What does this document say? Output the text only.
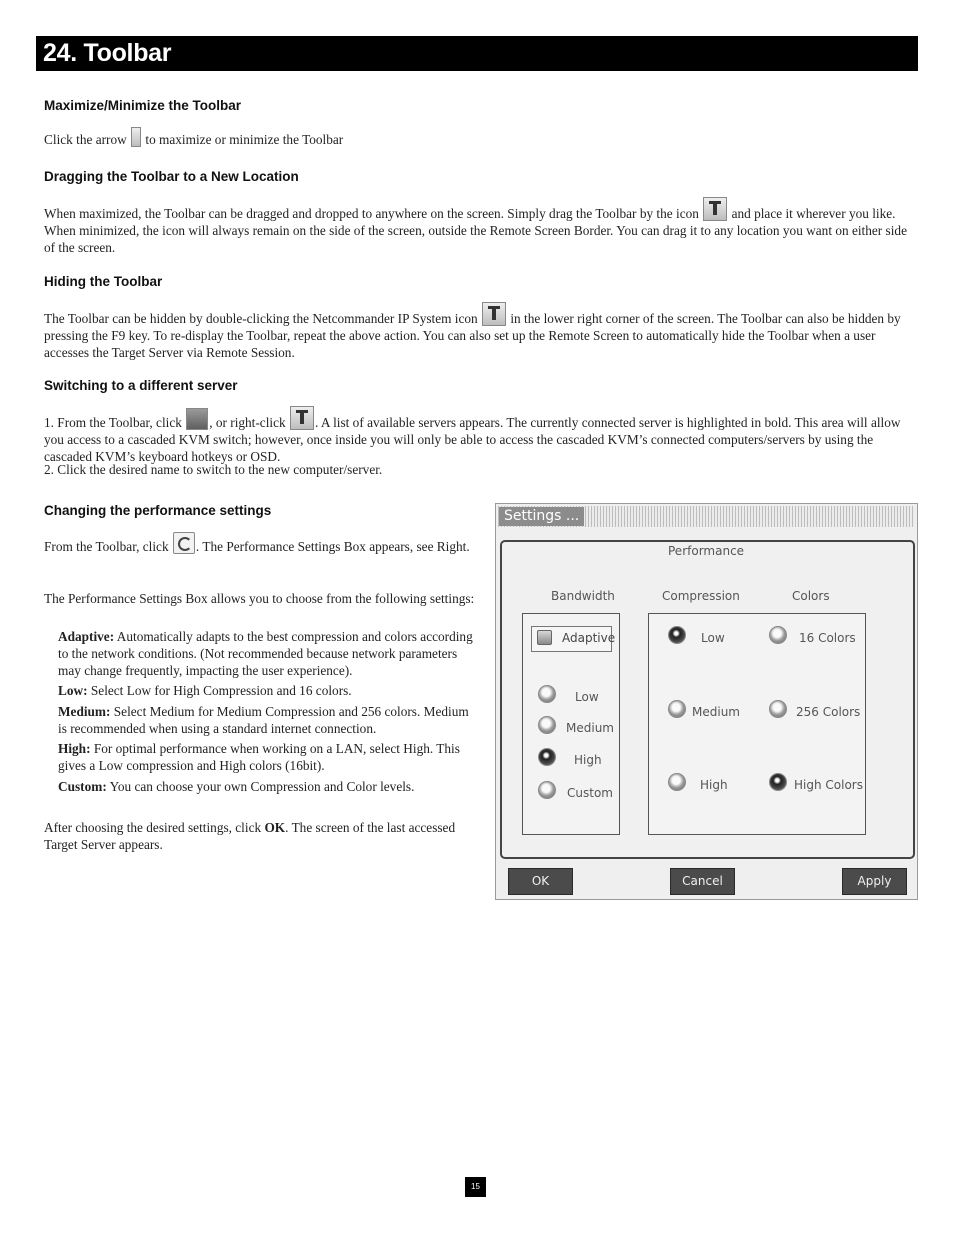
24. Toolbar
Maximize/Minimize the Toolbar
Click the arrow to maximize or minimize the Toolbar
Dragging the Toolbar to a New Location
When maximized, the Toolbar can be dragged and dropped to anywhere on the screen. Simply drag the Toolbar by the icon and place it wherever you like. When minimized, the icon will always remain on the side of the screen, outside the Remote Screen Border. You can drag it to any location you want on either side of the screen.
Hiding the Toolbar
The Toolbar can be hidden by double-clicking the Netcommander IP System icon in the lower right corner of the screen. The Toolbar can also be hidden by pressing the F9 key. To re-display the Toolbar, repeat the above action. You can also set up the Remote Screen to automatically hide the Toolbar when a user accesses the Target Server via Remote Session.
Switching to a different server
1. From the Toolbar, click , or right-click . A list of available servers appears. The currently connected server is highlighted in bold. This area will allow you access to a cascaded KVM switch; however, once inside you will only be able to access the cascaded KVM’s connected computers/servers by using the cascaded KVM’s keyboard hotkeys or OSD.
2. Click the desired name to switch to the new computer/server.
Changing the performance settings
From the Toolbar, click . The Performance Settings Box appears, see Right.
The Performance Settings Box allows you to choose from the following settings:
Adaptive: Automatically adapts to the best compression and colors according to the network conditions. (Not recommended because network parameters may change frequently, impacting the user experience).
Low: Select Low for High Compression and 16 colors.
Medium: Select Medium for Medium Compression and 256 colors. Medium is recommended when using a standard internet connection.
High: For optimal performance when working on a LAN, select High. This gives a Low compression and High colors (16bit).
Custom: You can choose your own Compression and Color levels.
After choosing the desired settings, click OK. The screen of the last accessed Target Server appears.
Settings ...
Performance
Bandwidth	Compression	Colors
Adaptive
Low
Medium
High
Custom
Low
Medium
High
16 Colors
256 Colors
High Colors
OK	Cancel	Apply
15
